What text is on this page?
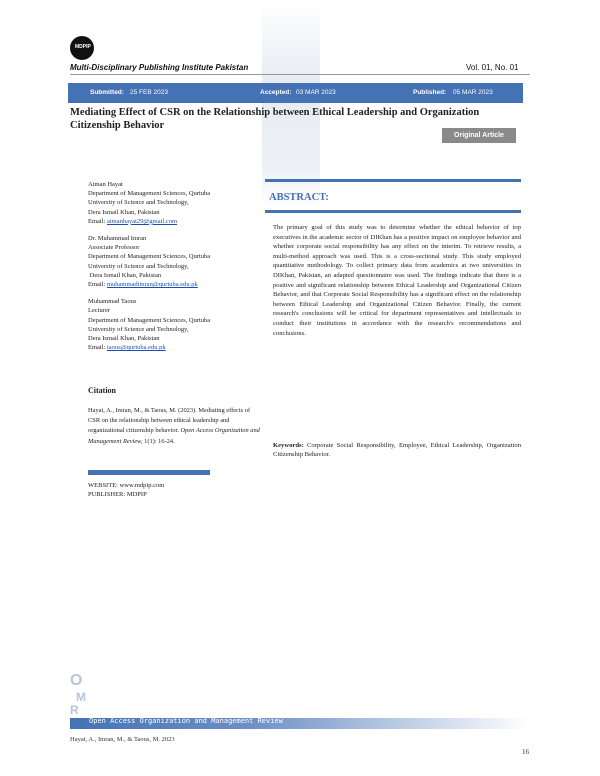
MDPIP
Multi-Disciplinary Publishing Institute Pakistan	Vol. 01, No. 01
Submitted: 25 FEB 2023	Accepted: 03 MAR 2023	Published: 05 MAR 2023
Mediating Effect of CSR on the Relationship between Ethical Leadership and Organization Citizenship Behavior
Original Article

Aiman Hayat
Department of Management Sciences, Qurtuba
University of Science and Technology,
Dera Ismail Khan, Pakistan
Email: aimanhayat29@gmail.com

Dr. Muhammad Imran
Associate Professor
Department of Management Sciences, Qurtuba
University of Science and Technology,
Dera Ismail Khan, Pakistan
Email: muhammadimran@qurtuba.edu.pk

Muhammad Taous
Lecturer
Department of Management Sciences, Qurtuba
University of Science and Technology,
Dera Ismail Khan, Pakistan
Email: taous@qurtuba.edu.pk

Citation
Hayat, A., Imran, M., & Taous, M. (2023). Mediating effects of CSR on the relationship between ethical leadership and organizational citizenship behavior. Open Access Organization and Management Review, 1(1): 16-24.
WEBSITE: www.mdpip.com
PUBLISHER: MDPIP
ABSTRACT:
The primary goal of this study was to determine whether the ethical behavior of top executives in the academic sector of DIKhan has a positive impact on employee behavior and whether corporate social responsibility has any effect on the interim. To retrieve results, a multi-method approach was used. This is a cross-sectional study. This study employed quantitative methodology. To collect primary data from academics at two universities in DIKhan, Pakistan, an adapted questionnaire was used. The findings indicate that there is a positive and significant relationship between Ethical Leadership and Organizational Citizen Behavior, and that Corporate Social Responsibility has a significant effect on the relationship between Ethical Leadership and Organizational Citizen Behavior. Finally, the current research's conclusions will be critical for department representatives and intellectuals to conduct their institutions in accordance with the research's recommendations and conclusions.
Keywords: Corporate Social Responsibility, Employee, Ethical Leadership, Organization Citizenship Behavior.
O
M
R
Open Access Organization and Management Review
Hayat, A., Imran, M., & Taous, M. 2023
16
